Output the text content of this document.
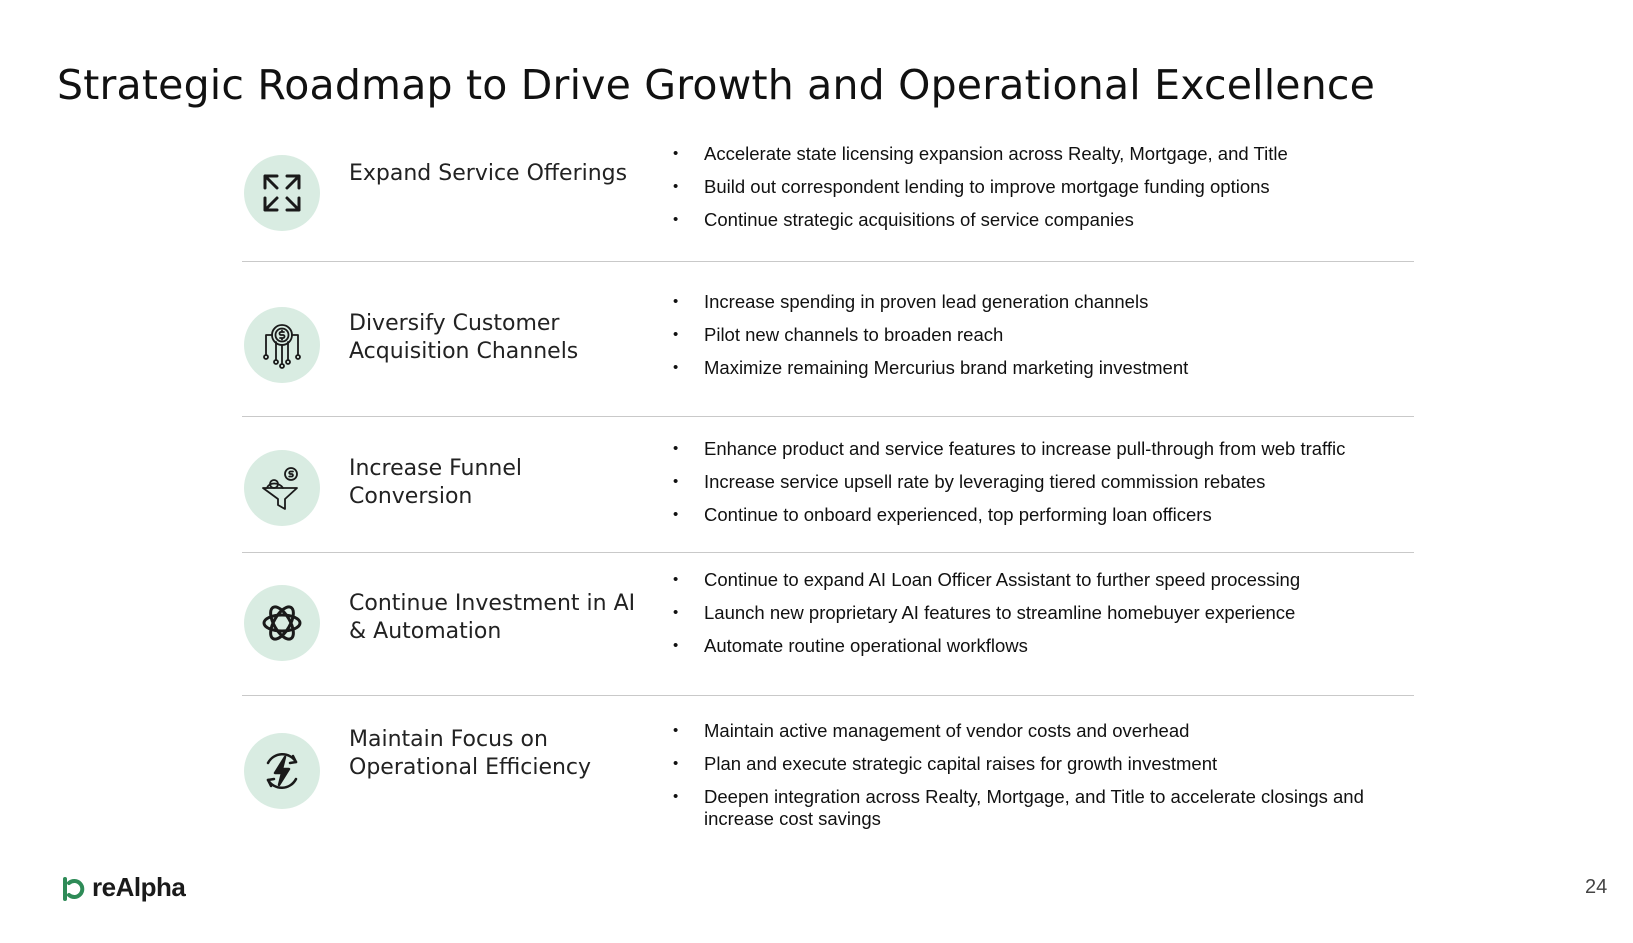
Strategic Roadmap to Drive Growth and Operational Excellence
Expand Service Offerings
• Accelerate state licensing expansion across Realty, Mortgage, and Title
• Build out correspondent lending to improve mortgage funding options
• Continue strategic acquisitions of service companies
Diversify Customer Acquisition Channels
• Increase spending in proven lead generation channels
• Pilot new channels to broaden reach
• Maximize remaining Mercurius brand marketing investment
Increase Funnel Conversion
• Enhance product and service features to increase pull-through from web traffic
• Increase service upsell rate by leveraging tiered commission rebates
• Continue to onboard experienced, top performing loan officers
Continue Investment in AI & Automation
• Continue to expand AI Loan Officer Assistant to further speed processing
• Launch new proprietary AI features to streamline homebuyer experience
• Automate routine operational workflows
Maintain Focus on Operational Efficiency
• Maintain active management of vendor costs and overhead
• Plan and execute strategic capital raises for growth investment
• Deepen integration across Realty, Mortgage, and Title to accelerate closings and increase cost savings
reAlpha	24
